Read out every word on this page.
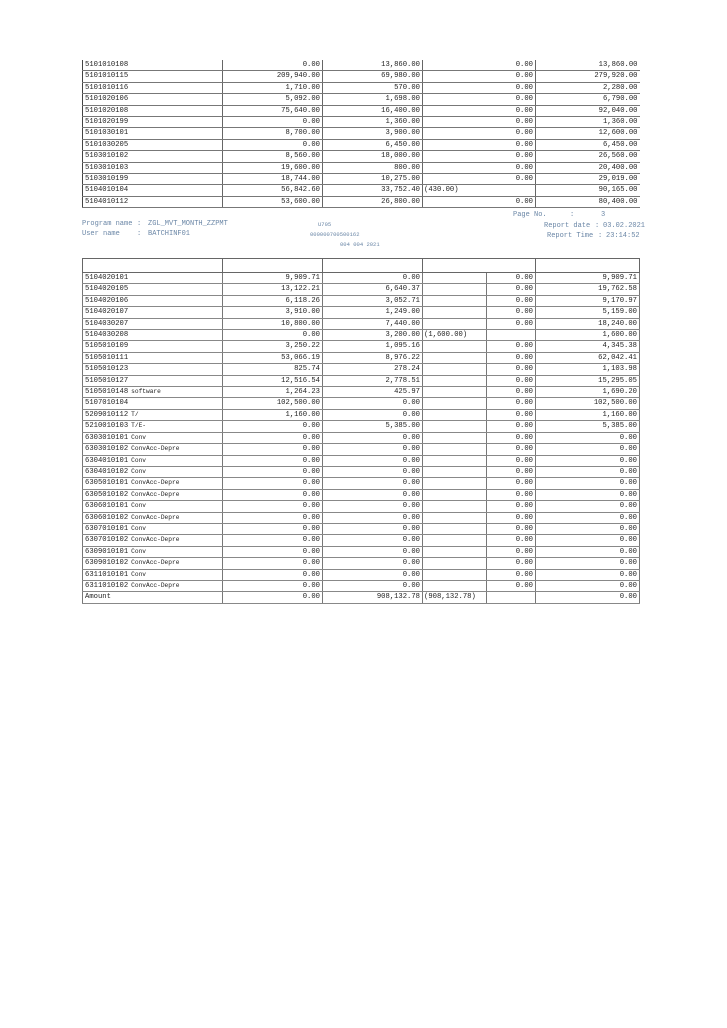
5101010108	0.00	13,860.00		0.00	13,860.00
5101010115	209,940.00	69,980.00		0.00	279,920.00
5101010116	1,710.00	570.00		0.00	2,280.00
5101020106	5,092.00	1,698.00		0.00	6,790.00
5101020108	75,640.00	16,400.00		0.00	92,040.00
5101020199	0.00	1,360.00		0.00	1,360.00
5101030101	8,700.00	3,900.00		0.00	12,600.00
5101030205	0.00	6,450.00		0.00	6,450.00
5103010102	8,560.00	18,000.00		0.00	26,560.00
5103010103	19,600.00	800.00		0.00	20,400.00
5103010199	18,744.00	10,275.00		0.00	29,019.00
5104010104	56,842.60	33,752.40	(430.00)		90,165.00
5104010112	53,600.00	26,800.00		0.00	80,400.00
Program name : ZGL_MVT_MONTH_ZZPMT
User name : BATCHINF01
U705
000000700500162
004 004 2021
Page No.	:	3
Report date : 03.02.2021
Report Time : 23:14:52

5104020101	9,909.71	0.00		0.00	9,909.71
5104020105	13,122.21	6,640.37		0.00	19,762.58
5104020106	6,118.26	3,052.71		0.00	9,170.97
5104020107	3,910.00	1,249.00		0.00	5,159.00
5104030207	10,800.00	7,440.00		0.00	18,240.00
5104030208	0.00	3,200.00	(1,600.00)		1,600.00
5105010109	3,250.22	1,095.16		0.00	4,345.38
5105010111	53,066.19	8,976.22		0.00	62,042.41
5105010123	825.74	278.24		0.00	1,103.98
5105010127	12,516.54	2,778.51		0.00	15,295.05
5105010148 software	1,264.23	425.97		0.00	1,690.20
5107010104	102,500.00	0.00		0.00	102,500.00
5209010112 T/	1,160.00	0.00		0.00	1,160.00
5210010103 T/E-	0.00	5,385.00		0.00	5,385.00
6303010101 Conv	0.00	0.00		0.00	0.00
6303010102 ConvAcc-Depre	0.00	0.00		0.00	0.00
6304010101 Conv	0.00	0.00		0.00	0.00
6304010102 Conv	0.00	0.00		0.00	0.00
6305010101 ConvAcc-Depre	0.00	0.00		0.00	0.00
6305010102 ConvAcc-Depre	0.00	0.00		0.00	0.00
6306010101 Conv	0.00	0.00		0.00	0.00
6306010102 ConvAcc-Depre	0.00	0.00		0.00	0.00
6307010101 Conv	0.00	0.00		0.00	0.00
6307010102 ConvAcc-Depre	0.00	0.00		0.00	0.00
6309010101 Conv	0.00	0.00		0.00	0.00
6309010102 ConvAcc-Depre	0.00	0.00		0.00	0.00
6311010101 Conv	0.00	0.00		0.00	0.00
6311010102 ConvAcc-Depre	0.00	0.00		0.00	0.00
Amount	0.00	908,132.78	(908,132.78)		0.00
